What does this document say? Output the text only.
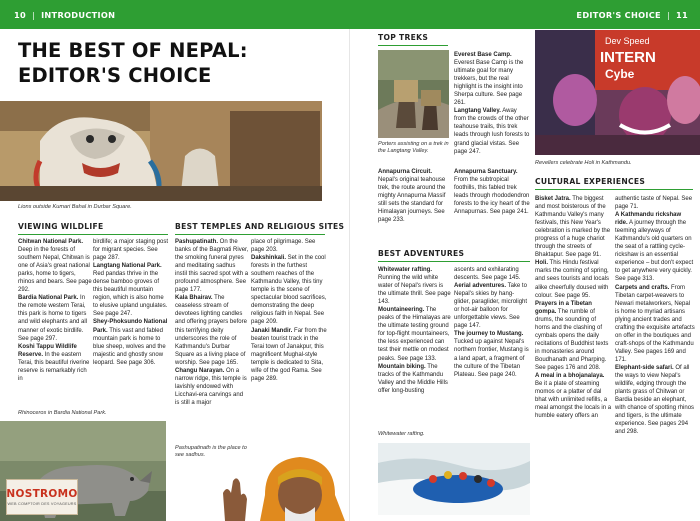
10 | INTRODUCTION	EDITOR'S CHOICE | 11
THE BEST OF NEPAL:
EDITOR'S CHOICE
Lions outside Kumari Bahal in Durbar Square.
VIEWING WILDLIFE

Chitwan National Park. Deep in the forests of southern Nepal, Chitwan is one of Asia's great national parks, home to tigers, rhinos and bears. See page 292.

Bardia National Park. In the remote western Terai, this park is home to tigers and wild elephants and all manner of exotic birdlife. See page 297.

Koshi Tappu Wildlife Reserve. In the eastern Terai, this beautiful riverine reserve is remarkably rich in

birdlife; a major staging post for migrant species. See page 287.

Langtang National Park. Red pandas thrive in the dense bamboo groves of this beautiful mountain region, which is also home to elusive upland ungulates. See page 247.

Shey-Phoksundo National Park. This vast and fabled mountain park is home to blue sheep, wolves and the majestic and ghostly snow leopard. See page 306.

Rhinoceros in Bardia National Park.
NOSTROMO
WEB COMPTOIR DES VOYAGEURS
BEST TEMPLES AND RELIGIOUS SITES

Pashupatinath. On the banks of the Bagmati River, the smoking funeral pyres and meditating sadhus instil this sacred spot with a profound atmosphere. See page 177.

Kala Bhairav. The ceaseless stream of devotees lighting candles and offering prayers before this terrifying deity underscores the role of Kathmandu's Durbar Square as a living place of worship. See page 165.

Changu Narayan. On a narrow ridge, this temple is lavishly endowed with Licchavi-era carvings and is still a major

place of pilgrimage. See page 203.

Dakshinkali. Set in the cool forests in the furthest southern reaches of the Kathmandu Valley, this tiny temple is the scene of spectacular blood sacrifices, demonstrating the deep religious faith in Nepal. See page 209.

Janaki Mandir. Far from the beaten tourist track in the Terai town of Janakpur, this magnificent Mughal-style temple is dedicated to Sita, wife of the god Rama. See page 289.

Pashupatinath is the place to see sadhus.
TOP TREKS
Porters assisting on a trek in the Langtang Valley.

Everest Base Camp. Everest Base Camp is the ultimate goal for many trekkers, but the real highlight is the insight into Sherpa culture. See page 261.

Langtang Valley. Away from the crowds of the other teahouse trails, this trek leads through lush forests to grand glacial vistas. See page 247.

Annapurna Circuit. Nepal's original teahouse trek, the route around the mighty Annapurna Massif still sets the standard for Himalayan journeys. See page 233.

Annapurna Sanctuary. From the subtropical foothills, this fabled trek leads through rhododendron forests to the icy heart of the Annapurnas. See page 241.

BEST ADVENTURES

Whitewater rafting. Running the wild white water of Nepal's rivers is the ultimate thrill. See page 143.

Mountaineering. The peaks of the Himalayas are the ultimate testing ground for top-flight mountaineers, the less experienced can test their mettle on modest peaks. See page 133.

Mountain biking. The tracks of the Kathmandu Valley and the Middle Hills offer long-busting

ascents and exhilarating descents. See page 145.

Aerial adventures. Take to Nepal's skies by hang-glider, paraglider, microlight or hot-air balloon for unforgettable views. See page 147.

The journey to Mustang. Tucked up against Nepal's northern frontier, Mustang is a land apart, a fragment of the culture of the Tibetan Plateau. See page 240.

Whitewater rafting.
Dev Speed
INTERN
Cybe
Revellers celebrate Holi in Kathmandu.
CULTURAL EXPERIENCES

Bisket Jatra. The biggest and most boisterous of the Kathmandu Valley's many festivals, this New Year's celebration is marked by the progress of a huge chariot through the streets of Bhaktapur. See page 91.

Holi. This Hindu festival marks the coming of spring, and sees tourists and locals alike cheerfully doused with colour. See page 95.

Prayers in a Tibetan gompa. The rumble of drums, the sounding of horns and the clashing of cymbals opens the daily recitations of Buddhist texts in monasteries around Boudhanath and Pharping. See pages 176 and 208.

A meal in a bhojanalaya. Be it a plate of steaming momos or a platter of dal bhat with unlimited refills, a meal amongst the locals in a humble eatery offers an

authentic taste of Nepal. See page 71.

A Kathmandu rickshaw ride. A journey through the teeming alleyways of Kathmandu's old quarters on the seat of a rattling cycle-rickshaw is an essential experience – but don't expect to get anywhere very quickly. See page 313.

Carpets and crafts. From Tibetan carpet-weavers to Newari metalworkers, Nepal is home to myriad artisans plying ancient trades and crafting the exquisite artefacts on offer in the boutiques and craft-shops of the Kathmandu Valley. See pages 169 and 171.

Elephant-side safari. Of all the ways to view Nepal's wildlife, edging through the plants grass of Chitwan or Bardia beside an elephant, with chance of spotting rhinos and tigers, is the ultimate experience. See pages 294 and 298.
